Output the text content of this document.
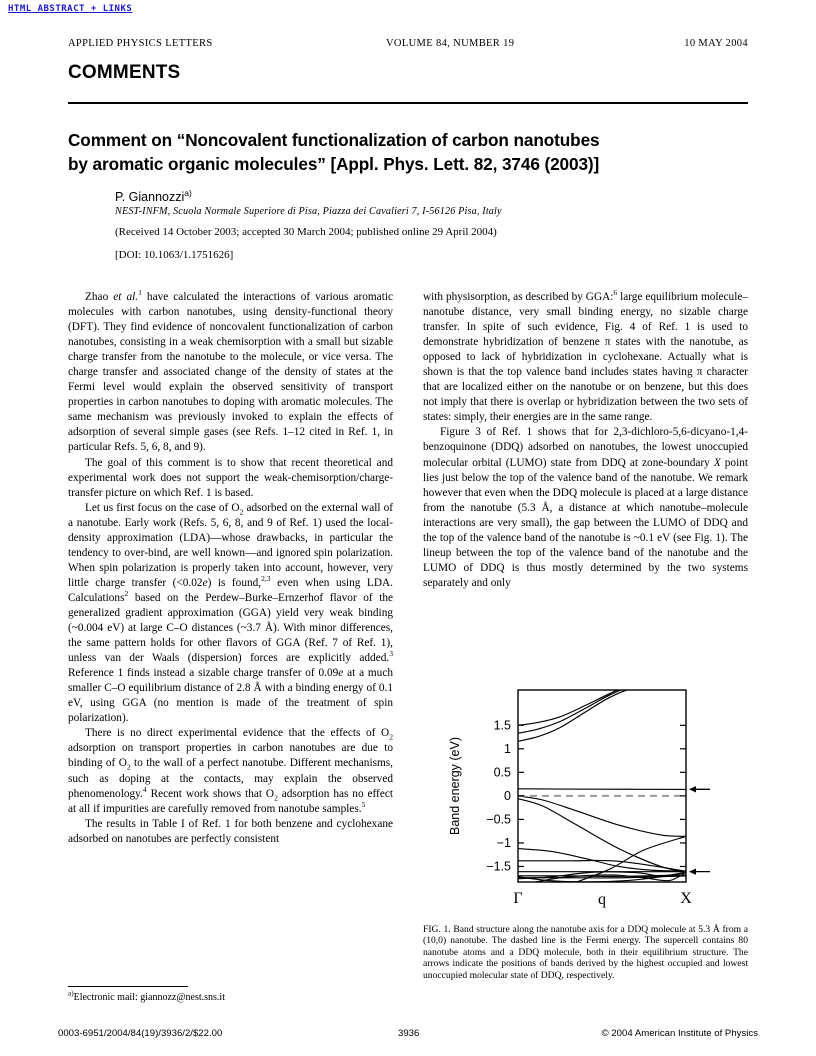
HTML ABSTRACT + LINKS
APPLIED PHYSICS LETTERS	VOLUME 84, NUMBER 19	10 MAY 2004
COMMENTS
Comment on “Noncovalent functionalization of carbon nanotubes
by aromatic organic molecules” [Appl. Phys. Lett. 82, 3746 (2003)]
P. Giannozzi$^{a)}$
NEST-INFM, Scuola Normale Superiore di Pisa, Piazza dei Cavalieri 7, I-56126 Pisa, Italy
(Received 14 October 2003; accepted 30 March 2004; published online 29 April 2004)
[DOI: 10.1063/1.1751626]

Zhao et al.$^1$ have calculated the interactions of various aromatic molecules with carbon nanotubes, using density-functional theory (DFT). They find evidence of noncovalent functionalization of carbon nanotubes, consisting in a weak chemisorption with a small but sizable charge transfer from the nanotube to the molecule, or vice versa. The charge transfer and associated change of the density of states at the Fermi level would explain the observed sensitivity of transport properties in carbon nanotubes to doping with aromatic molecules. The same mechanism was previously invoked to explain the effects of adsorption of several simple gases (see Refs. 1–12 cited in Ref. 1, in particular Refs. 5, 6, 8, and 9).

The goal of this comment is to show that recent theoretical and experimental work does not support the weak-chemisorption/charge-transfer picture on which Ref. 1 is based.

Let us first focus on the case of $O_2$ adsorbed on the external wall of a nanotube. Early work (Refs. 5, 6, 8, and 9 of Ref. 1) used the local-density approximation (LDA)—whose drawbacks, in particular the tendency to over-bind, are well known—and ignored spin polarization. When spin polarization is properly taken into account, however, very little charge transfer (<0.02e) is found,$^{2,3}$ even when using LDA. Calculations$^2$ based on the Perdew–Burke–Ernzerhof flavor of the generalized gradient approximation (GGA) yield very weak binding (~0.004 eV) at large C–O distances (~3.7 Å). With minor differences, the same pattern holds for other flavors of GGA (Ref. 7 of Ref. 1), unless van der Waals (dispersion) forces are explicitly added.$^3$ Reference 1 finds instead a sizable charge transfer of 0.09e at a much smaller C–O equilibrium distance of 2.8 Å with a binding energy of 0.1 eV, using GGA (no mention is made of the treatment of spin polarization).

There is no direct experimental evidence that the effects of $O_2$ adsorption on transport properties in carbon nanotubes are due to binding of $O_2$ to the wall of a perfect nanotube. Different mechanisms, such as doping at the contacts, may explain the observed phenomenology.$^4$ Recent work shows that $O_2$ adsorption has no effect at all if impurities are carefully removed from nanotube samples.$^5$

The results in Table I of Ref. 1 for both benzene and cyclohexane adsorbed on nanotubes are perfectly consistent

with physisorption, as described by GGA:$^6$ large equilibrium molecule–nanotube distance, very small binding energy, no sizable charge transfer. In spite of such evidence, Fig. 4 of Ref. 1 is used to demonstrate hybridization of benzene π states with the nanotube, as opposed to lack of hybridization in cyclohexane. Actually what is shown is that the top valence band includes states having π character that are localized either on the nanotube or on benzene, but this does not imply that there is overlap or hybridization between the two sets of states: simply, their energies are in the same range.

Figure 3 of Ref. 1 shows that for 2,3-dichloro-5,6-dicyano-1,4-benzoquinone (DDQ) adsorbed on nanotubes, the lowest unoccupied molecular orbital (LUMO) state from DDQ at zone-boundary X point lies just below the top of the valence band of the nanotube. We remark however that even when the DDQ molecule is placed at a large distance from the nanotube (5.3 Å, a distance at which nanotube–molecule interactions are very small), the gap between the LUMO of DDQ and the top of the valence band of the nanotube is ~0.1 eV (see Fig. 1). The lineup between the top of the valence band of the nanotube and the LUMO of DDQ is thus mostly determined by the two systems separately and only

$^{a)}$Electronic mail: giannozz@nest.sns.it
1.5
1
0.5
0
−0.5
−1
−1.5
Γ	q	X
Band energy (eV)
FIG. 1. Band structure along the nanotube axis for a DDQ molecule at 5.3 Å from a (10,0) nanotube. The dashed line is the Fermi energy. The supercell contains 80 nanotube atoms and a DDQ molecule, both in their equilibrium structure. The arrows indicate the positions of bands derived by the highest occupied and lowest unoccupied molecular state of DDQ, respectively.
0003-6951/2004/84(19)/3936/2/$22.00	3936	© 2004 American Institute of Physics
